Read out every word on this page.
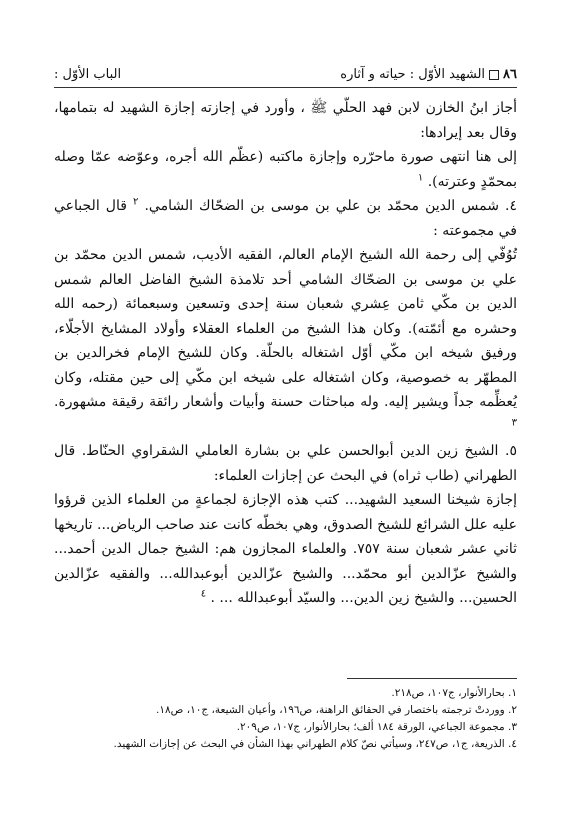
٨٦الشهيد الأوّل : حياته و آثاره
الباب الأوّل :

أجاز ابنُ الخازن لابن فهد الحلّي ﷺ ، وأورد في إجازته إجازة الشهيد له بتمامها، وقال بعد إيرادها:

إلى هنا انتهى صورة ماحرّره وإجازة ماكتبه (عظّم الله أجره، وعوّضه عمّا وصله بمحمّدٍ وعترته). $^١$

٤. شمس الدين محمّد بن علي بن موسى بن الضحّاك الشامي. $^٢$ قال الجباعي في مجموعته :

تُوُفّي إلى رحمة الله الشيخ الإمام العالم، الفقيه الأديب، شمس الدين محمّد بن علي بن موسى بن الضحّاك الشامي أحد تلامذة الشيخ الفاضل العالم شمس الدين بن مكّي ثامن عِشري شعبان سنة إحدى وتسعين وسبعمائة (رحمه الله وحشره مع أئمّته). وكان هذا الشيخ من العلماء العقلاء وأولاد المشايخ الأجلّاء، ورفيق شيخه ابن مكّي أوّل اشتغاله بالحلّة. وكان للشيخ الإمام فخرالدين بن المطهّر به خصوصية، وكان اشتغاله على شيخه ابن مكّي إلى حين مقتله، وكان يُعظِّمه جداً ويشير إليه. وله مباحثات حسنة وأبيات وأشعار رائقة رقيقة مشهورة. $^٣$

٥. الشيخ زين الدين أبوالحسن علي بن بشارة العاملي الشقراوي الحنّاط. قال الطهراني (طاب ثراه) في البحث عن إجازات العلماء:

إجازة شيخنا السعيد الشهيد... كتب هذه الإجازة لجماعةٍ من العلماء الذين قرؤوا عليه علل الشرائع للشيخ الصدوق، وهي بخطّه كانت عند صاحب الرياض... تاريخها ثاني عشر شعبان سنة ٧٥٧. والعلماء المجازون هم: الشيخ جمال الدين أحمد... والشيخ عزّالدين أبو محمّد... والشيخ عزّالدين أبوعبدالله... والفقيه عزّالدين الحسين... والشيخ زين الدين... والسيّد أبوعبدالله ... . $^٤$

١. بحارالأنوار، ج١٠٧، ص٢١٨.

٢. ووردتْ ترجمته باختصار في الحقائق الراهنة، ص١٩٦، وأعيان الشيعة، ج١٠، ص١٨.

٣. مجموعة الجباعي، الورقة ١٨٤ ألف؛ بحارالأنوار، ج١٠٧، ص٢٠٩.

٤. الذريعة، ج١، ص٢٤٧، وسيأتي نصّ كلام الطهراني بهذا الشأن في البحث عن إجازات الشهيد.
